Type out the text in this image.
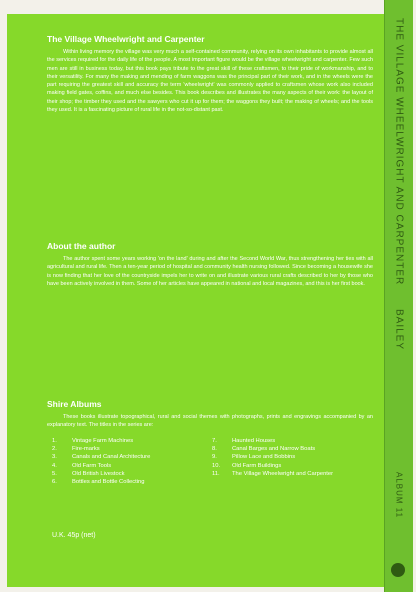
The Village Wheelwright and Carpenter

Within living memory the village was very much a self-contained community, relying on its own inhabitants to provide almost all the services required for the daily life of the people. A most important figure would be the village wheelwright and carpenter. Few such men are still in business today, but this book pays tribute to the great skill of these craftsmen, to their pride of workmanship, and to their versatility. For many the making and mending of farm waggons was the principal part of their work, and in the wheels were the part requiring the greatest skill and accuracy the term 'wheelwright' was commonly applied to craftsmen whose work also included making field gates, coffins, and much else besides. This book describes and illustrates the many aspects of their work: the layout of their shop; the timber they used and the sawyers who cut it up for them; the waggons they built; the making of wheels; and the tools they used. It is a fascinating picture of rural life in the not-so-distant past.

About the author

The author spent some years working 'on the land' during and after the Second World War, thus strengthening her ties with all agricultural and rural life. Then a ten-year period of hospital and community health nursing followed. Since becoming a housewife she is now finding that her love of the countryside impels her to write on and illustrate various rural crafts described to her by those who have been actively involved in them. Some of her articles have appeared in national and local magazines, and this is her first book.

Shire Albums

These books illustrate topographical, rural and social themes with photographs, prints and engravings accompanied by an explanatory text. The titles in the series are:

1.	Vintage Farm Machines
2.	Fire-marks
3.	Canals and Canal Architecture
4.	Old Farm Tools
5.	Old British Livestock
6.	Bottles and Bottle Collecting
7.	Haunted Houses
8.	Canal Barges and Narrow Boats
9.	Pillow Lace and Bobbins
10.	Old Farm Buildings
11.	The Village Wheelwright and Carpenter
U.K. 45p (net)
THE VILLAGE WHEELWRIGHT AND CARPENTER
BAILEY
ALBUM 11
